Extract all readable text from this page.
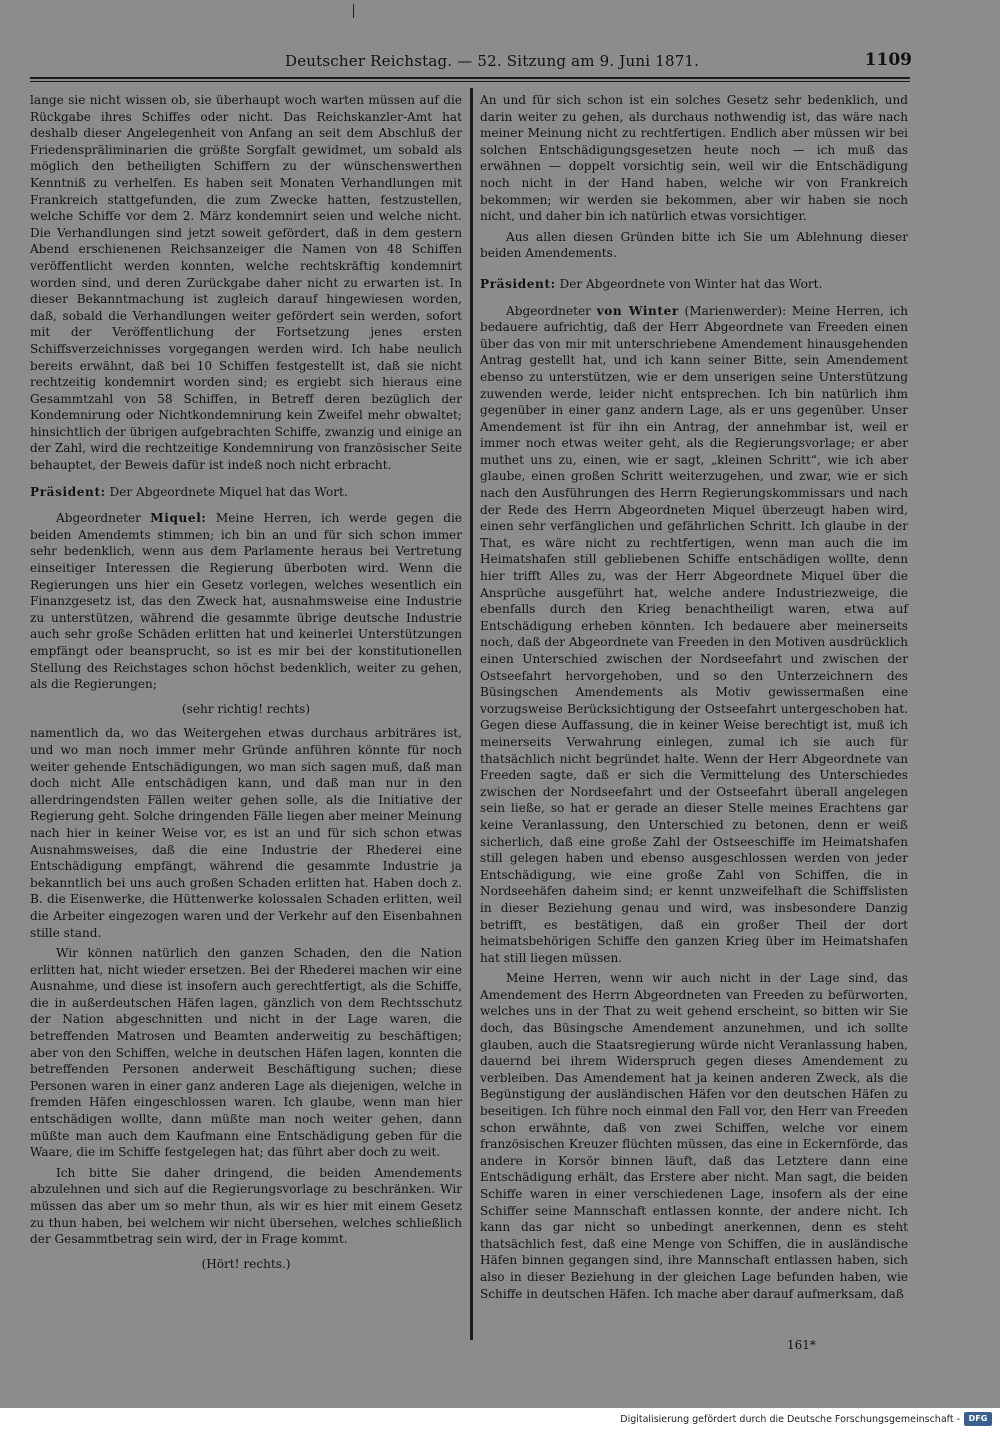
Deutscher Reichstag. — 52. Sitzung am 9. Juni 1871.	1109

lange sie nicht wissen ob, sie überhaupt woch warten müssen auf die Rückgabe ihres Schiffes oder nicht. Das Reichskanzler-Amt hat deshalb dieser Angelegenheit von Anfang an seit dem Abschluß der Friedenspräliminarien die größte Sorgfalt gewidmet, um sobald als möglich den betheiligten Schiffern zu der wünschenswerthen Kenntniß zu verhelfen. Es haben seit Monaten Verhandlungen mit Frankreich stattgefunden, die zum Zwecke hatten, festzustellen, welche Schiffe vor dem 2. März kondemnirt seien und welche nicht. Die Verhandlungen sind jetzt soweit gefördert, daß in dem gestern Abend erschienenen Reichsanzeiger die Namen von 48 Schiffen veröffentlicht werden konnten, welche rechtskräftig kondemnirt worden sind, und deren Zurückgabe daher nicht zu erwarten ist. In dieser Bekanntmachung ist zugleich darauf hingewiesen worden, daß, sobald die Verhandlungen weiter gefördert sein werden, sofort mit der Veröffentlichung der Fortsetzung jenes ersten Schiffsverzeichnisses vorgegangen werden wird. Ich habe neulich bereits erwähnt, daß bei 10 Schiffen festgestellt ist, daß sie nicht rechtzeitig kondemnirt worden sind; es ergiebt sich hieraus eine Gesammtzahl von 58 Schiffen, in Betreff deren bezüglich der Kondemnirung oder Nichtkondemnirung kein Zweifel mehr obwaltet; hinsichtlich der übrigen aufgebrachten Schiffe, zwanzig und einige an der Zahl, wird die rechtzeitige Kondemnirung von französischer Seite behauptet, der Beweis dafür ist indeß noch nicht erbracht.

Präsident: Der Abgeordnete Miquel hat das Wort.

Abgeordneter Miquel: Meine Herren, ich werde gegen die beiden Amendemts stimmen; ich bin an und für sich schon immer sehr bedenklich, wenn aus dem Parlamente heraus bei Vertretung einseitiger Interessen die Regierung überboten wird. Wenn die Regierungen uns hier ein Gesetz vorlegen, welches wesentlich ein Finanzgesetz ist, das den Zweck hat, ausnahmsweise eine Industrie zu unterstützen, während die gesammte übrige deutsche Industrie auch sehr große Schäden erlitten hat und keinerlei Unterstützungen empfängt oder beansprucht, so ist es mir bei der konstitutionellen Stellung des Reichstages schon höchst bedenklich, weiter zu gehen, als die Regierungen;

(sehr richtig! rechts)

namentlich da, wo das Weitergehen etwas durchaus arbiträres ist, und wo man noch immer mehr Gründe anführen könnte für noch weiter gehende Entschädigungen, wo man sich sagen muß, daß man doch nicht Alle entschädigen kann, und daß man nur in den allerdringendsten Fällen weiter gehen solle, als die Initiative der Regierung geht. Solche dringenden Fälle liegen aber meiner Meinung nach hier in keiner Weise vor, es ist an und für sich schon etwas Ausnahmsweises, daß die eine Industrie der Rhederei eine Entschädigung empfängt, während die gesammte Industrie ja bekanntlich bei uns auch großen Schaden erlitten hat. Haben doch z. B. die Eisenwerke, die Hüttenwerke kolossalen Schaden erlitten, weil die Arbeiter eingezogen waren und der Verkehr auf den Eisenbahnen stille stand.

Wir können natürlich den ganzen Schaden, den die Nation erlitten hat, nicht wieder ersetzen. Bei der Rhederei machen wir eine Ausnahme, und diese ist insofern auch gerechtfertigt, als die Schiffe, die in außerdeutschen Häfen lagen, gänzlich von dem Rechtsschutz der Nation abgeschnitten und nicht in der Lage waren, die betreffenden Matrosen und Beamten anderweitig zu beschäftigen; aber von den Schiffen, welche in deutschen Häfen lagen, konnten die betreffenden Personen anderweit Beschäftigung suchen; diese Personen waren in einer ganz anderen Lage als diejenigen, welche in fremden Häfen eingeschlossen waren. Ich glaube, wenn man hier entschädigen wollte, dann müßte man noch weiter gehen, dann müßte man auch dem Kaufmann eine Entschädigung geben für die Waare, die im Schiffe festgelegen hat; das führt aber doch zu weit.

Ich bitte Sie daher dringend, die beiden Amendements abzulehnen und sich auf die Regierungsvorlage zu beschränken. Wir müssen das aber um so mehr thun, als wir es hier mit einem Gesetz zu thun haben, bei welchem wir nicht übersehen, welches schließlich der Gesammtbetrag sein wird, der in Frage kommt.

(Hört! rechts.)

An und für sich schon ist ein solches Gesetz sehr bedenklich, und darin weiter zu gehen, als durchaus nothwendig ist, das wäre nach meiner Meinung nicht zu rechtfertigen. Endlich aber müssen wir bei solchen Entschädigungsgesetzen heute noch — ich muß das erwähnen — doppelt vorsichtig sein, weil wir die Entschädigung noch nicht in der Hand haben, welche wir von Frankreich bekommen; wir werden sie bekommen, aber wir haben sie noch nicht, und daher bin ich natürlich etwas vorsichtiger.

Aus allen diesen Gründen bitte ich Sie um Ablehnung dieser beiden Amendements.

Präsident: Der Abgeordnete von Winter hat das Wort.

Abgeordneter von Winter (Marienwerder): Meine Herren, ich bedauere aufrichtig, daß der Herr Abgeordnete van Freeden einen über das von mir mit unterschriebene Amendement hinausgehenden Antrag gestellt hat, und ich kann seiner Bitte, sein Amendement ebenso zu unterstützen, wie er dem unserigen seine Unterstützung zuwenden werde, leider nicht entsprechen. Ich bin natürlich ihm gegenüber in einer ganz andern Lage, als er uns gegenüber. Unser Amendement ist für ihn ein Antrag, der annehmbar ist, weil er immer noch etwas weiter geht, als die Regierungsvorlage; er aber muthet uns zu, einen, wie er sagt, „kleinen Schritt“, wie ich aber glaube, einen großen Schritt weiterzugehen, und zwar, wie er sich nach den Ausführungen des Herrn Regierungskommissars und nach der Rede des Herrn Abgeordneten Miquel überzeugt haben wird, einen sehr verfänglichen und gefährlichen Schritt. Ich glaube in der That, es wäre nicht zu rechtfertigen, wenn man auch die im Heimatshafen still gebliebenen Schiffe entschädigen wollte, denn hier trifft Alles zu, was der Herr Abgeordnete Miquel über die Ansprüche ausgeführt hat, welche andere Industriezweige, die ebenfalls durch den Krieg benachtheiligt waren, etwa auf Entschädigung erheben könnten. Ich bedauere aber meinerseits noch, daß der Abgeordnete van Freeden in den Motiven ausdrücklich einen Unterschied zwischen der Nordseefahrt und zwischen der Ostseefahrt hervorgehoben, und so den Unterzeichnern des Büsingschen Amendements als Motiv gewissermaßen eine vorzugsweise Berücksichtigung der Ostseefahrt untergeschoben hat. Gegen diese Auffassung, die in keiner Weise berechtigt ist, muß ich meinerseits Verwahrung einlegen, zumal ich sie auch für thatsächlich nicht begründet halte. Wenn der Herr Abgeordnete van Freeden sagte, daß er sich die Vermittelung des Unterschiedes zwischen der Nordseefahrt und der Ostseefahrt überall angelegen sein ließe, so hat er gerade an dieser Stelle meines Erachtens gar keine Veranlassung, den Unterschied zu betonen, denn er weiß sicherlich, daß eine große Zahl der Ostseeschiffe im Heimatshafen still gelegen haben und ebenso ausgeschlossen werden von jeder Entschädigung, wie eine große Zahl von Schiffen, die in Nordseehäfen daheim sind; er kennt unzweifelhaft die Schiffslisten in dieser Beziehung genau und wird, was insbesondere Danzig betrifft, es bestätigen, daß ein großer Theil der dort heimatsbehörigen Schiffe den ganzen Krieg über im Heimatshafen hat still liegen müssen.

Meine Herren, wenn wir auch nicht in der Lage sind, das Amendement des Herrn Abgeordneten van Freeden zu befürworten, welches uns in der That zu weit gehend erscheint, so bitten wir Sie doch, das Büsingsche Amendement anzunehmen, und ich sollte glauben, auch die Staatsregierung würde nicht Veranlassung haben, dauernd bei ihrem Widerspruch gegen dieses Amendement zu verbleiben. Das Amendement hat ja keinen anderen Zweck, als die Begünstigung der ausländischen Häfen vor den deutschen Häfen zu beseitigen. Ich führe noch einmal den Fall vor, den Herr van Freeden schon erwähnte, daß von zwei Schiffen, welche vor einem französischen Kreuzer flüchten müssen, das eine in Eckernförde, das andere in Korsör binnen läuft, daß das Letztere dann eine Entschädigung erhält, das Erstere aber nicht. Man sagt, die beiden Schiffe waren in einer verschiedenen Lage, insofern als der eine Schiffer seine Mannschaft entlassen konnte, der andere nicht. Ich kann das gar nicht so unbedingt anerkennen, denn es steht thatsächlich fest, daß eine Menge von Schiffen, die in ausländische Häfen binnen gegangen sind, ihre Mannschaft entlassen haben, sich also in dieser Beziehung in der gleichen Lage befunden haben, wie Schiffe in deutschen Häfen. Ich mache aber darauf aufmerksam, daß

161*
Digitalisierung gefördert durch die Deutsche Forschungsgemeinschaft -	DFG
